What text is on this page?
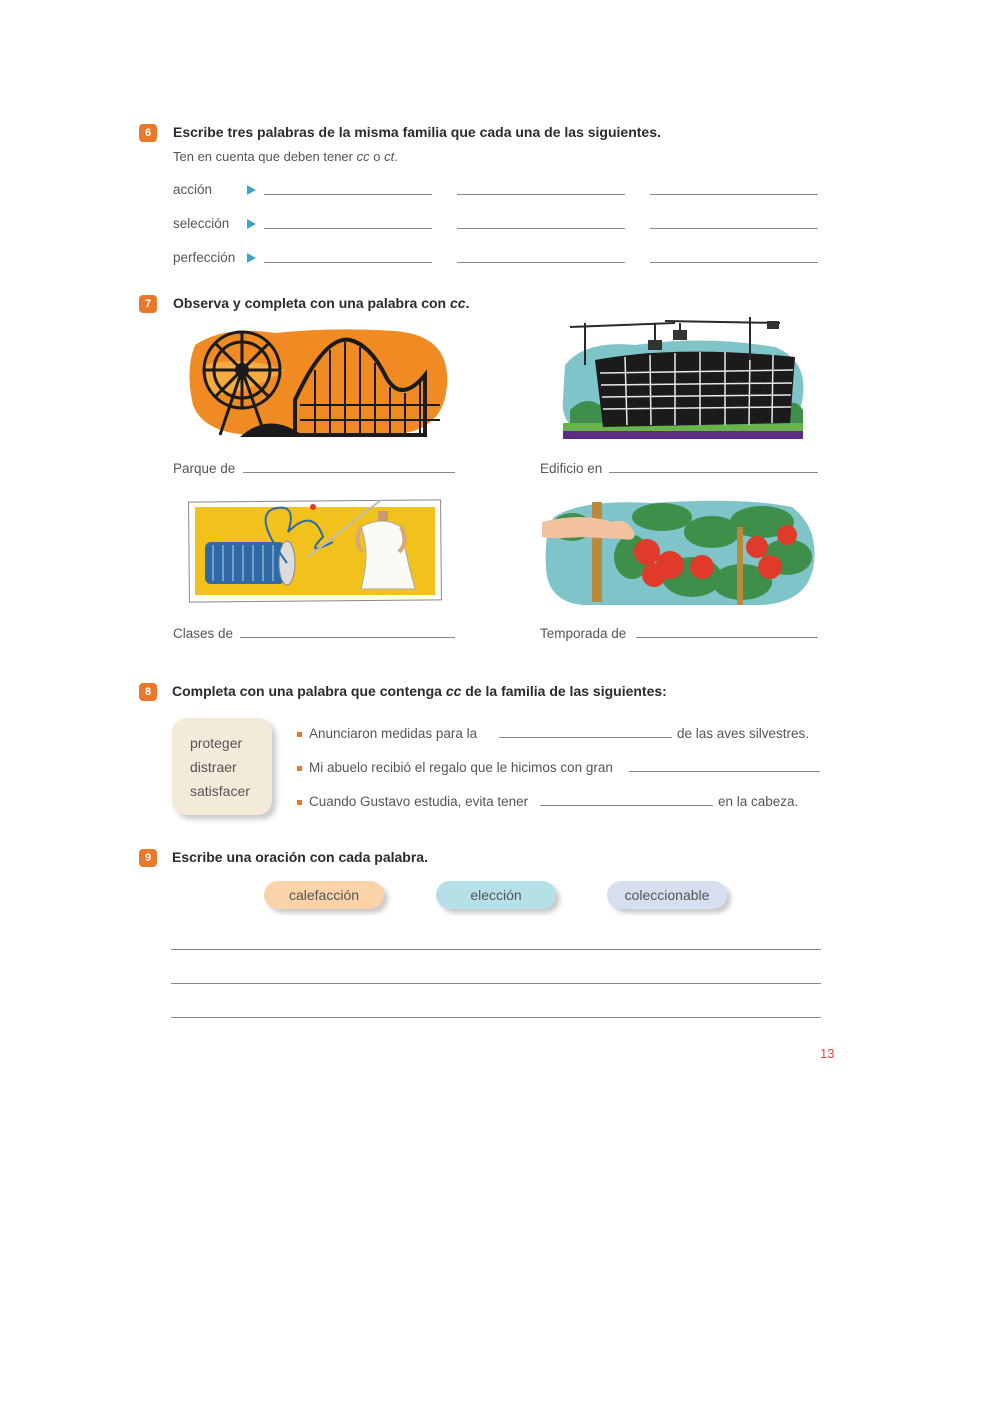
6	Escribe tres palabras de la misma familia que cada una de las siguientes.
Ten en cuenta que deben tener cc o ct.
acción
selección
perfección
7	Observa y completa con una palabra con cc.
Parque de	Edificio en
Clases de	Temporada de
8	Completa con una palabra que contenga cc de la familia de las siguientes:
proteger
distraer
satisfacer
Anunciaron medidas para la	de las aves silvestres.
Mi abuelo recibió el regalo que le hicimos con gran
Cuando Gustavo estudia, evita tener	en la cabeza.
9	Escribe una oración con cada palabra.
calefacción	elección	coleccionable
13
